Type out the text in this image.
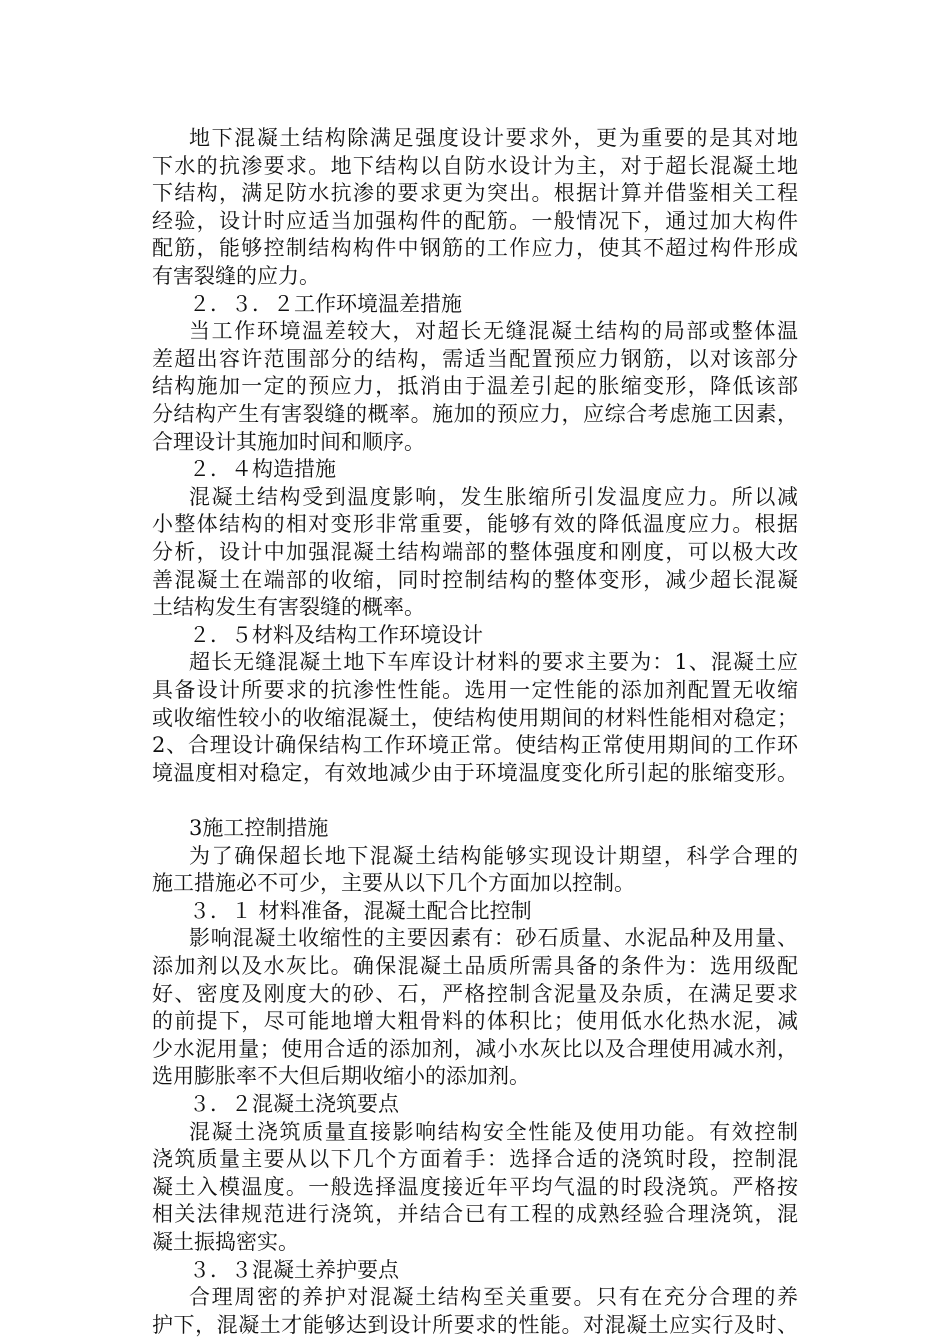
地下混凝土结构除满足强度设计要求外，更为重要的是其对地
下水的抗渗要求。地下结构以自防水设计为主，对于超长混凝土地
下结构，满足防水抗渗的要求更为突出。根据计算并借鉴相关工程
经验，设计时应适当加强构件的配筋。一般情况下，通过加大构件
配筋，能够控制结构构件中钢筋的工作应力，使其不超过构件形成
有害裂缝的应力。
２．３．２工作环境温差措施
当工作环境温差较大，对超长无缝混凝土结构的局部或整体温
差超出容许范围部分的结构，需适当配置预应力钢筋，以对该部分
结构施加一定的预应力，抵消由于温差引起的胀缩变形，降低该部
分结构产生有害裂缝的概率。施加的预应力，应综合考虑施工因素，
合理设计其施加时间和顺序。
２．４构造措施
混凝土结构受到温度影响，发生胀缩所引发温度应力。所以减
小整体结构的相对变形非常重要，能够有效的降低温度应力。根据
分析，设计中加强混凝土结构端部的整体强度和刚度，可以极大改
善混凝土在端部的收缩，同时控制结构的整体变形，减少超长混凝
土结构发生有害裂缝的概率。
２．５材料及结构工作环境设计
超长无缝混凝土地下车库设计材料的要求主要为：1、混凝土应
具备设计所要求的抗渗性性能。选用一定性能的添加剂配置无收缩
或收缩性较小的收缩混凝土，使结构使用期间的材料性能相对稳定；
2、合理设计确保结构工作环境正常。使结构正常使用期间的工作环
境温度相对稳定，有效地减少由于环境温度变化所引起的胀缩变形。
3施工控制措施
为了确保超长地下混凝土结构能够实现设计期望，科学合理的
施工措施必不可少，主要从以下几个方面加以控制。
３．１ 材料准备，混凝土配合比控制
影响混凝土收缩性的主要因素有：砂石质量、水泥品种及用量、
添加剂以及水灰比。确保混凝土品质所需具备的条件为：选用级配
好、密度及刚度大的砂、石，严格控制含泥量及杂质，在满足要求
的前提下，尽可能地增大粗骨料的体积比；使用低水化热水泥，减
少水泥用量；使用合适的添加剂，减小水灰比以及合理使用减水剂，
选用膨胀率不大但后期收缩小的添加剂。
３．２混凝土浇筑要点
混凝土浇筑质量直接影响结构安全性能及使用功能。有效控制
浇筑质量主要从以下几个方面着手：选择合适的浇筑时段，控制混
凝土入模温度。一般选择温度接近年平均气温的时段浇筑。严格按
相关法律规范进行浇筑，并结合已有工程的成熟经验合理浇筑，混
凝土振捣密实。
３．３混凝土养护要点
合理周密的养护对混凝土结构至关重要。只有在充分合理的养
护下，混凝土才能够达到设计所要求的性能。对混凝土应实行及时、
